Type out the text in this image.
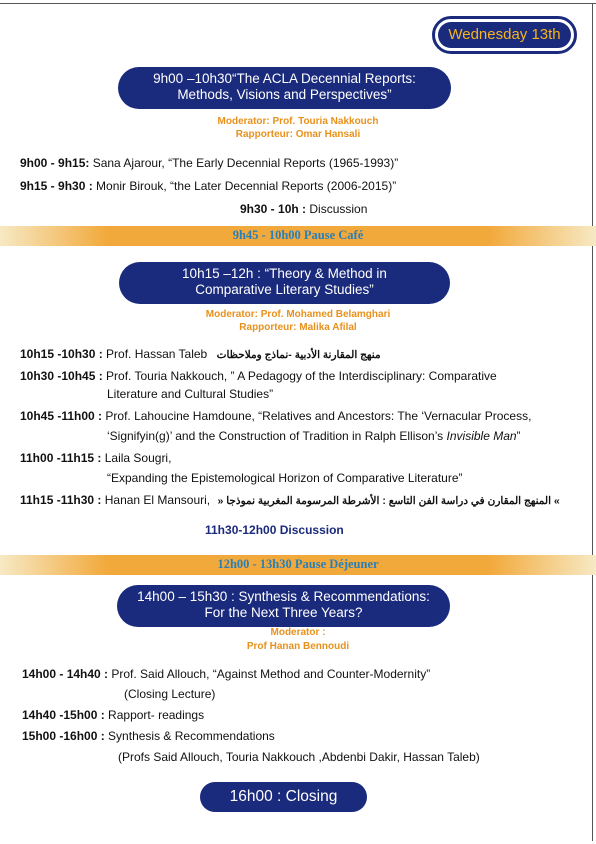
Wednesday 13th
9h00 –10h30“The ACLA Decennial Reports:
Methods, Visions and Perspectives”
Moderator: Prof. Touria Nakkouch
Rapporteur: Omar Hansali
9h00 - 9h15: Sana Ajarour, “The Early Decennial Reports (1965-1993)”
9h15 - 9h30 : Monir Birouk, “the Later Decennial Reports (2006-2015)”
9h30 - 10h : Discussion
9h45 - 10h00 Pause Café
10h15 –12h : “Theory & Method in
Comparative Literary Studies”
Moderator: Prof. Mohamed Belamghari
Rapporteur: Malika Afilal
10h15 -10h30 : Prof. Hassan Taleb منهج المقارنة الأدبية -نماذج وملاحظات
10h30 -10h45 : Prof. Touria Nakkouch, ” A Pedagogy of the Interdisciplinary: Comparative
Literature and Cultural Studies”
10h45 -11h00 : Prof. Lahoucine Hamdoune, “Relatives and Ancestors: The ‘Vernacular Process,
‘Signifyin(g)’ and the Construction of Tradition in Ralph Ellison’s Invisible Man”
11h00 -11h15 : Laila Sougri,
“Expanding the Epistemological Horizon of Comparative Literature”
11h15 -11h30 : Hanan El Mansouri, » المنهج المقارن في دراسة الفن التاسع : الأشرطة المرسومة المغربية نموذجا «
11h30-12h00 Discussion
12h00 - 13h30 Pause Déjeuner
14h00 – 15h30 : Synthesis & Recommendations:
For the Next Three Years?
Moderator :
Prof Hanan Bennoudi
14h00 - 14h40 : Prof. Said Allouch, “Against Method and Counter-Modernity”
(Closing Lecture)
14h40 -15h00 : Rapport- readings
15h00 -16h00 : Synthesis & Recommendations
(Profs Said Allouch, Touria Nakkouch ,Abdenbi Dakir, Hassan Taleb)
16h00 : Closing
